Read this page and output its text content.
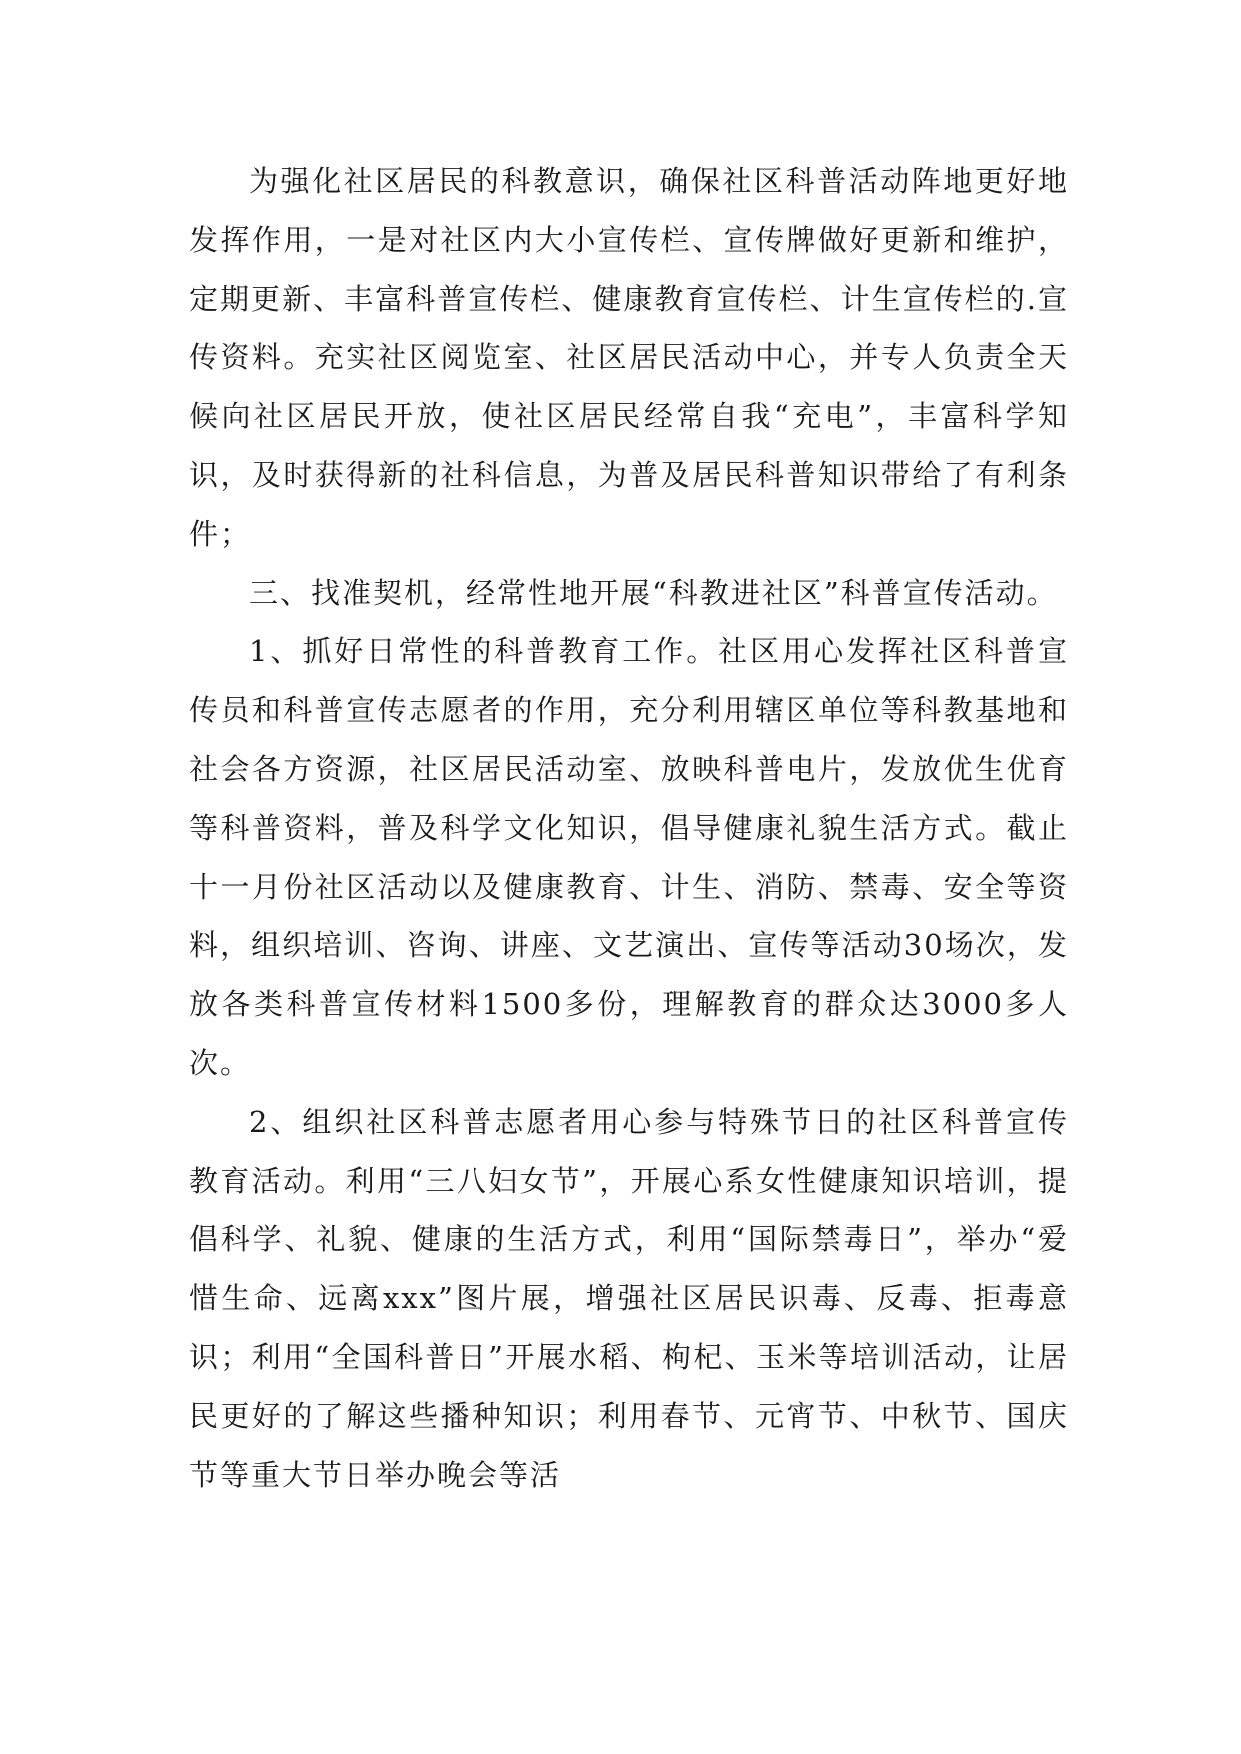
为强化社区居民的科教意识，确保社区科普活动阵地更好地发挥作用，一是对社区内大小宣传栏、宣传牌做好更新和维护，定期更新、丰富科普宣传栏、健康教育宣传栏、计生宣传栏的.宣传资料。充实社区阅览室、社区居民活动中心，并专人负责全天候向社区居民开放，使社区居民经常自我“充电”，丰富科学知识，及时获得新的社科信息，为普及居民科普知识带给了有利条件；

三、找准契机，经常性地开展“科教进社区”科普宣传活动。

1、抓好日常性的科普教育工作。社区用心发挥社区科普宣传员和科普宣传志愿者的作用，充分利用辖区单位等科教基地和社会各方资源，社区居民活动室、放映科普电片，发放优生优育等科普资料，普及科学文化知识，倡导健康礼貌生活方式。截止十一月份社区活动以及健康教育、计生、消防、禁毒、安全等资料，组织培训、咨询、讲座、文艺演出、宣传等活动30场次，发放各类科普宣传材料1500多份，理解教育的群众达3000多人次。

2、组织社区科普志愿者用心参与特殊节日的社区科普宣传教育活动。利用“三八妇女节”，开展心系女性健康知识培训，提倡科学、礼貌、健康的生活方式，利用“国际禁毒日”，举办“爱惜生命、远离xxx”图片展，增强社区居民识毒、反毒、拒毒意识；利用“全国科普日”开展水稻、枸杞、玉米等培训活动，让居民更好的了解这些播种知识；利用春节、元宵节、中秋节、国庆节等重大节日举办晚会等活
